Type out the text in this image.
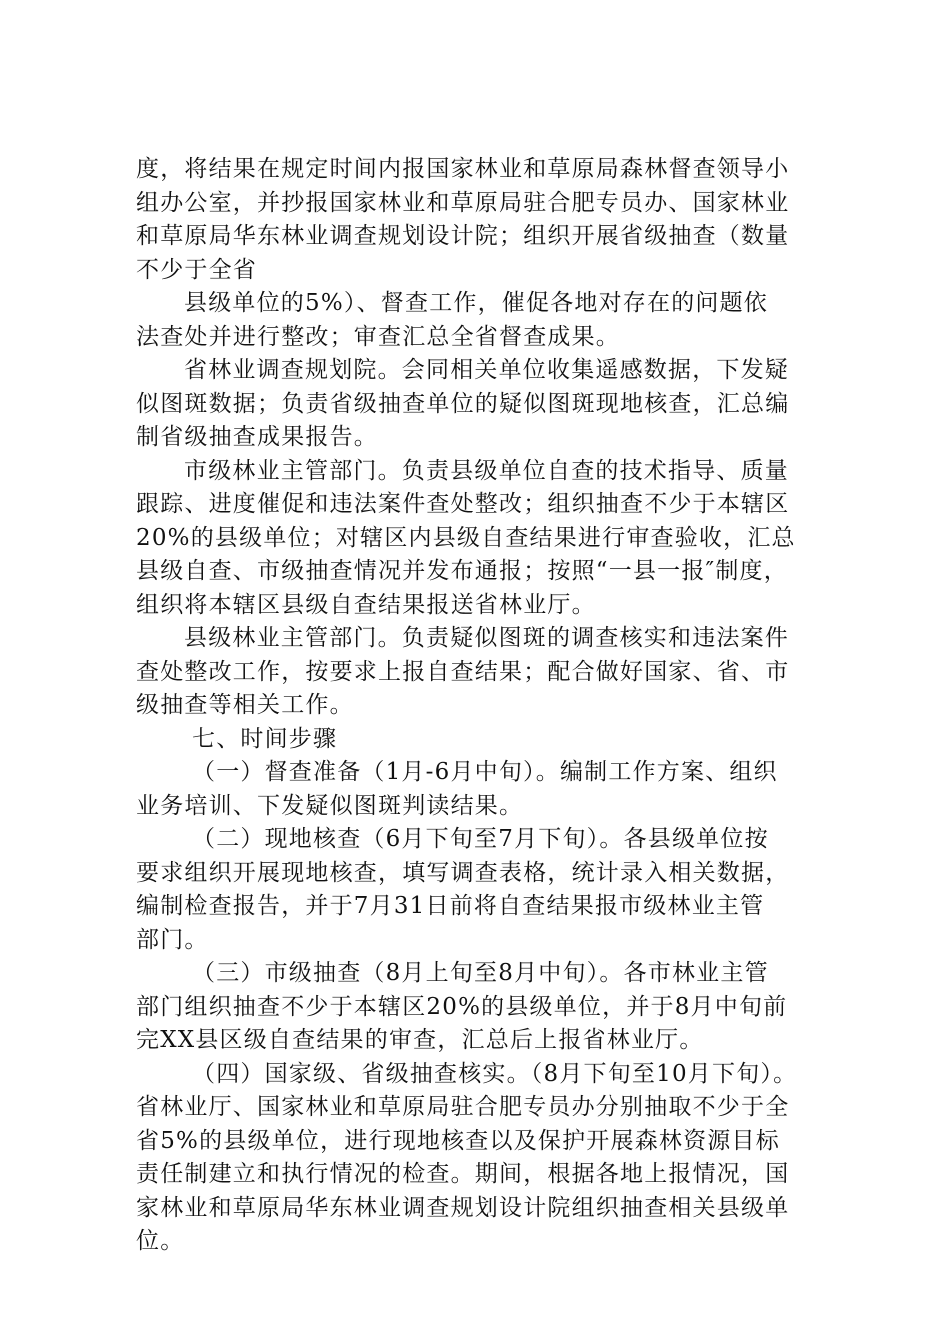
度，将结果在规定时间内报国家林业和草原局森林督查领导小
组办公室，并抄报国家林业和草原局驻合肥专员办、国家林业
和草原局华东林业调查规划设计院；组织开展省级抽查（数量
不少于全省
县级单位的5%）、督查工作，催促各地对存在的问题依
法查处并进行整改；审查汇总全省督查成果。
省林业调查规划院。会同相关单位收集遥感数据，下发疑
似图斑数据；负责省级抽查单位的疑似图斑现地核查，汇总编
制省级抽查成果报告。
市级林业主管部门。负责县级单位自查的技术指导、质量
跟踪、进度催促和违法案件查处整改；组织抽查不少于本辖区
20%的县级单位；对辖区内县级自查结果进行审查验收，汇总
县级自查、市级抽查情况并发布通报；按照“一县一报″制度，
组织将本辖区县级自查结果报送省林业厅。
县级林业主管部门。负责疑似图斑的调查核实和违法案件
查处整改工作，按要求上报自查结果；配合做好国家、省、市
级抽查等相关工作。
七、时间步骤
（一）督查准备（1月-6月中旬）。编制工作方案、组织
业务培训、下发疑似图斑判读结果。
（二）现地核查（6月下旬至7月下旬）。各县级单位按
要求组织开展现地核查，填写调查表格，统计录入相关数据，
编制检查报告，并于7月31日前将自查结果报市级林业主管
部门。
（三）市级抽查（8月上旬至8月中旬）。各市林业主管
部门组织抽查不少于本辖区20%的县级单位，并于8月中旬前
完XX县区级自查结果的审查，汇总后上报省林业厅。
（四）国家级、省级抽查核实。（8月下旬至10月下旬）。
省林业厅、国家林业和草原局驻合肥专员办分别抽取不少于全
省5%的县级单位，进行现地核查以及保护开展森林资源目标
责任制建立和执行情况的检查。期间，根据各地上报情况，国
家林业和草原局华东林业调查规划设计院组织抽查相关县级单
位。
